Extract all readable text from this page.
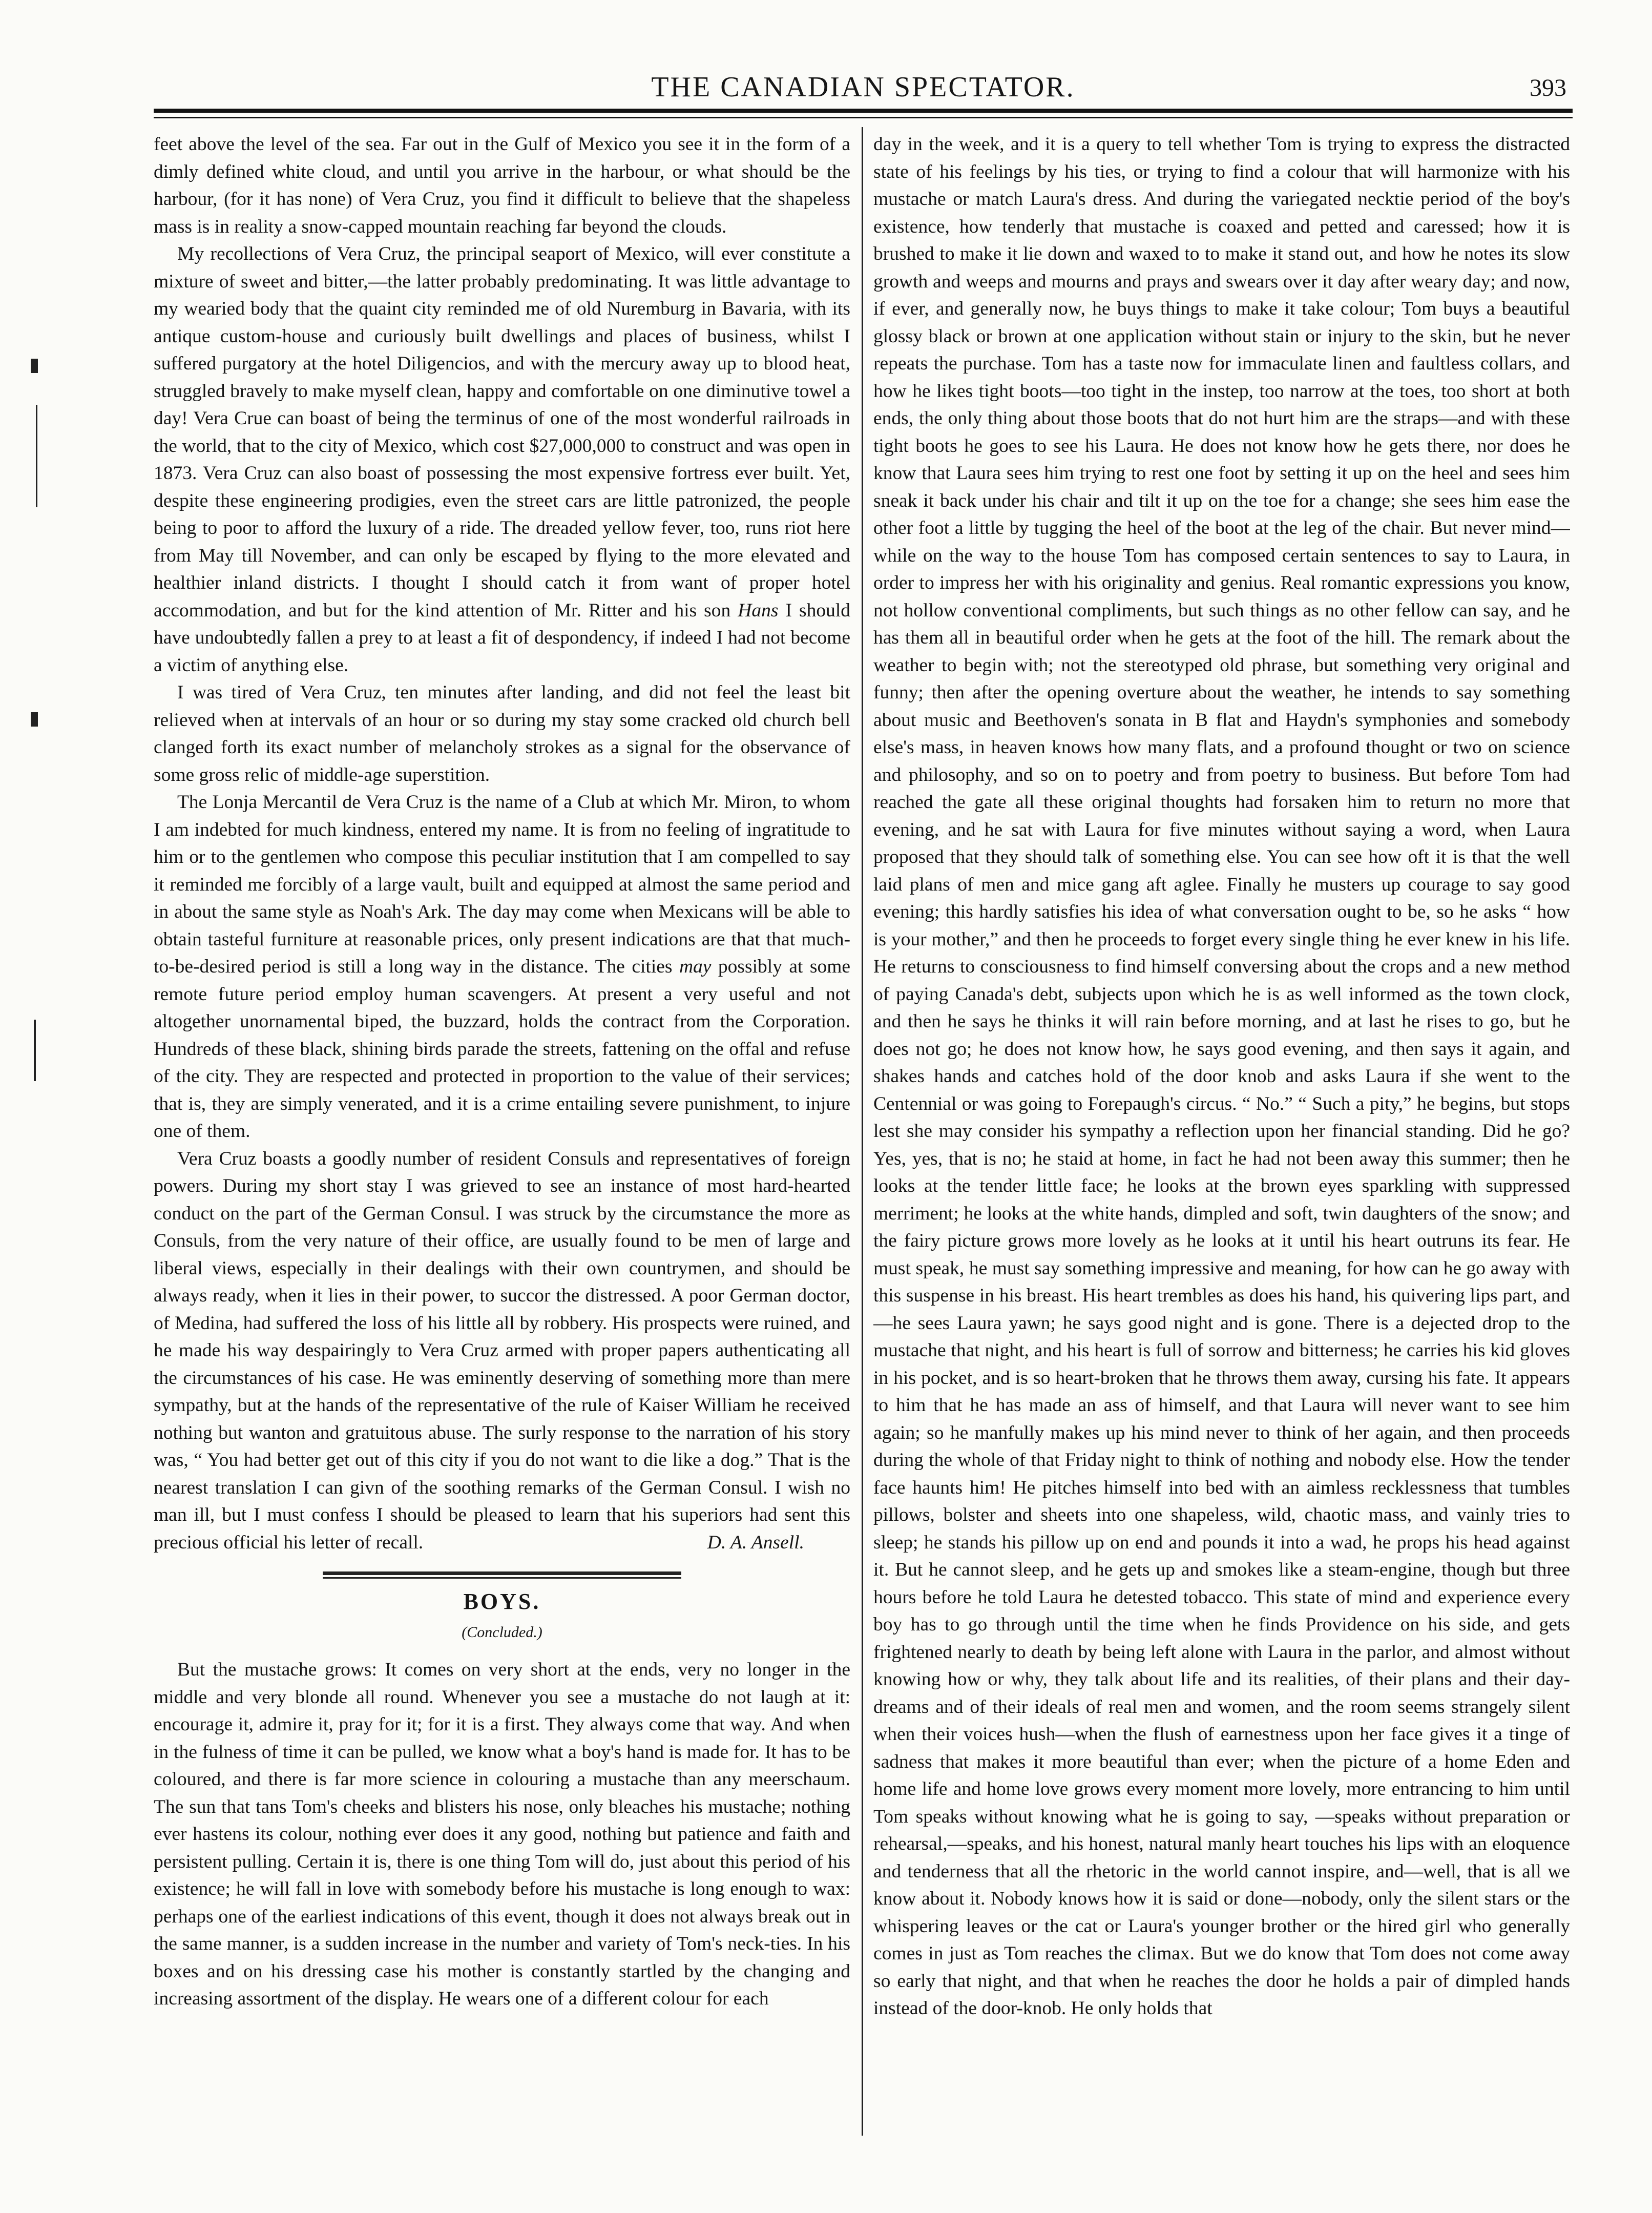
THE CANADIAN SPECTATOR.	393

feet above the level of the sea. Far out in the Gulf of Mexico you see it in the form of a dimly defined white cloud, and until you arrive in the harbour, or what should be the harbour, (for it has none) of Vera Cruz, you find it difficult to believe that the shapeless mass is in reality a snow-capped mountain reaching far beyond the clouds.

My recollections of Vera Cruz, the principal seaport of Mexico, will ever constitute a mixture of sweet and bitter,—the latter probably predominating. It was little advantage to my wearied body that the quaint city reminded me of old Nuremburg in Bavaria, with its antique custom-house and curiously built dwellings and places of business, whilst I suffered purgatory at the hotel Diligencios, and with the mercury away up to blood heat, struggled bravely to make myself clean, happy and comfortable on one diminutive towel a day! Vera Crue can boast of being the terminus of one of the most wonderful railroads in the world, that to the city of Mexico, which cost $27,000,000 to construct and was open in 1873. Vera Cruz can also boast of possessing the most expensive fortress ever built. Yet, despite these engineering prodigies, even the street cars are little patronized, the people being to poor to afford the luxury of a ride. The dreaded yellow fever, too, runs riot here from May till November, and can only be escaped by flying to the more elevated and healthier inland districts. I thought I should catch it from want of proper hotel accommodation, and but for the kind attention of Mr. Ritter and his son Hans I should have undoubtedly fallen a prey to at least a fit of despondency, if indeed I had not become a victim of anything else.

I was tired of Vera Cruz, ten minutes after landing, and did not feel the least bit relieved when at intervals of an hour or so during my stay some cracked old church bell clanged forth its exact number of melancholy strokes as a signal for the observance of some gross relic of middle-age superstition.

The Lonja Mercantil de Vera Cruz is the name of a Club at which Mr. Miron, to whom I am indebted for much kindness, entered my name. It is from no feeling of ingratitude to him or to the gentlemen who compose this peculiar institution that I am compelled to say it reminded me forcibly of a large vault, built and equipped at almost the same period and in about the same style as Noah's Ark. The day may come when Mexicans will be able to obtain tasteful furniture at reasonable prices, only present indications are that that much-to-be-desired period is still a long way in the distance. The cities may possibly at some remote future period employ human scavengers. At present a very useful and not altogether unornamental biped, the buzzard, holds the contract from the Corporation. Hundreds of these black, shining birds parade the streets, fattening on the offal and refuse of the city. They are respected and protected in proportion to the value of their services; that is, they are simply venerated, and it is a crime entailing severe punishment, to injure one of them.

Vera Cruz boasts a goodly number of resident Consuls and representatives of foreign powers. During my short stay I was grieved to see an instance of most hard-hearted conduct on the part of the German Consul. I was struck by the circumstance the more as Consuls, from the very nature of their office, are usually found to be men of large and liberal views, especially in their dealings with their own countrymen, and should be always ready, when it lies in their power, to succor the distressed. A poor German doctor, of Medina, had suffered the loss of his little all by robbery. His prospects were ruined, and he made his way despairingly to Vera Cruz armed with proper papers authenticating all the circumstances of his case. He was eminently deserving of something more than mere sympathy, but at the hands of the representative of the rule of Kaiser William he received nothing but wanton and gratuitous abuse. The surly response to the narration of his story was, “ You had better get out of this city if you do not want to die like a dog.” That is the nearest translation I can givn of the soothing remarks of the German Consul. I wish no man ill, but I must confess I should be pleased to learn that his superiors had sent this precious official his letter of recall.	D. A. Ansell.
BOYS.
(Concluded.)

But the mustache grows: It comes on very short at the ends, very no longer in the middle and very blonde all round. Whenever you see a mustache do not laugh at it: encourage it, admire it, pray for it; for it is a first. They always come that way. And when in the fulness of time it can be pulled, we know what a boy's hand is made for. It has to be coloured, and there is far more science in colouring a mustache than any meerschaum. The sun that tans Tom's cheeks and blisters his nose, only bleaches his mustache; nothing ever hastens its colour, nothing ever does it any good, nothing but patience and faith and persistent pulling. Certain it is, there is one thing Tom will do, just about this period of his existence; he will fall in love with somebody before his mustache is long enough to wax: perhaps one of the earliest indications of this event, though it does not always break out in the same manner, is a sudden increase in the number and variety of Tom's neck-ties. In his boxes and on his dressing case his mother is constantly startled by the changing and increasing assortment of the display. He wears one of a different colour for each

day in the week, and it is a query to tell whether Tom is trying to express the distracted state of his feelings by his ties, or trying to find a colour that will harmonize with his mustache or match Laura's dress. And during the variegated necktie period of the boy's existence, how tenderly that mustache is coaxed and petted and caressed; how it is brushed to make it lie down and waxed to to make it stand out, and how he notes its slow growth and weeps and mourns and prays and swears over it day after weary day; and now, if ever, and generally now, he buys things to make it take colour; Tom buys a beautiful glossy black or brown at one application without stain or injury to the skin, but he never repeats the purchase. Tom has a taste now for immaculate linen and faultless collars, and how he likes tight boots—too tight in the instep, too narrow at the toes, too short at both ends, the only thing about those boots that do not hurt him are the straps—and with these tight boots he goes to see his Laura. He does not know how he gets there, nor does he know that Laura sees him trying to rest one foot by setting it up on the heel and sees him sneak it back under his chair and tilt it up on the toe for a change; she sees him ease the other foot a little by tugging the heel of the boot at the leg of the chair. But never mind—while on the way to the house Tom has composed certain sentences to say to Laura, in order to impress her with his originality and genius. Real romantic expressions you know, not hollow conventional compliments, but such things as no other fellow can say, and he has them all in beautiful order when he gets at the foot of the hill. The remark about the weather to begin with; not the stereotyped old phrase, but something very original and funny; then after the opening overture about the weather, he intends to say something about music and Beethoven's sonata in B flat and Haydn's symphonies and somebody else's mass, in heaven knows how many flats, and a profound thought or two on science and philosophy, and so on to poetry and from poetry to business. But before Tom had reached the gate all these original thoughts had forsaken him to return no more that evening, and he sat with Laura for five minutes without saying a word, when Laura proposed that they should talk of something else. You can see how oft it is that the well laid plans of men and mice gang aft aglee. Finally he musters up courage to say good evening; this hardly satisfies his idea of what conversation ought to be, so he asks “ how is your mother,” and then he proceeds to forget every single thing he ever knew in his life. He returns to consciousness to find himself conversing about the crops and a new method of paying Canada's debt, subjects upon which he is as well informed as the town clock, and then he says he thinks it will rain before morning, and at last he rises to go, but he does not go; he does not know how, he says good evening, and then says it again, and shakes hands and catches hold of the door knob and asks Laura if she went to the Centennial or was going to Forepaugh's circus. “ No.” “ Such a pity,” he begins, but stops lest she may consider his sympathy a reflection upon her financial standing. Did he go? Yes, yes, that is no; he staid at home, in fact he had not been away this summer; then he looks at the tender little face; he looks at the brown eyes sparkling with suppressed merriment; he looks at the white hands, dimpled and soft, twin daughters of the snow; and the fairy picture grows more lovely as he looks at it until his heart outruns its fear. He must speak, he must say something impressive and meaning, for how can he go away with this suspense in his breast. His heart trembles as does his hand, his quivering lips part, and—he sees Laura yawn; he says good night and is gone. There is a dejected drop to the mustache that night, and his heart is full of sorrow and bitterness; he carries his kid gloves in his pocket, and is so heart-broken that he throws them away, cursing his fate. It appears to him that he has made an ass of himself, and that Laura will never want to see him again; so he manfully makes up his mind never to think of her again, and then proceeds during the whole of that Friday night to think of nothing and nobody else. How the tender face haunts him! He pitches himself into bed with an aimless recklessness that tumbles pillows, bolster and sheets into one shapeless, wild, chaotic mass, and vainly tries to sleep; he stands his pillow up on end and pounds it into a wad, he props his head against it. But he cannot sleep, and he gets up and smokes like a steam-engine, though but three hours before he told Laura he detested tobacco. This state of mind and experience every boy has to go through until the time when he finds Providence on his side, and gets frightened nearly to death by being left alone with Laura in the parlor, and almost without knowing how or why, they talk about life and its realities, of their plans and their day-dreams and of their ideals of real men and women, and the room seems strangely silent when their voices hush—when the flush of earnestness upon her face gives it a tinge of sadness that makes it more beautiful than ever; when the picture of a home Eden and home life and home love grows every moment more lovely, more entrancing to him until Tom speaks without knowing what he is going to say, —speaks without preparation or rehearsal,—speaks, and his honest, natural manly heart touches his lips with an eloquence and tenderness that all the rhetoric in the world cannot inspire, and—well, that is all we know about it. Nobody knows how it is said or done—nobody, only the silent stars or the whispering leaves or the cat or Laura's younger brother or the hired girl who generally comes in just as Tom reaches the climax. But we do know that Tom does not come away so early that night, and that when he reaches the door he holds a pair of dimpled hands instead of the door-knob. He only holds that
